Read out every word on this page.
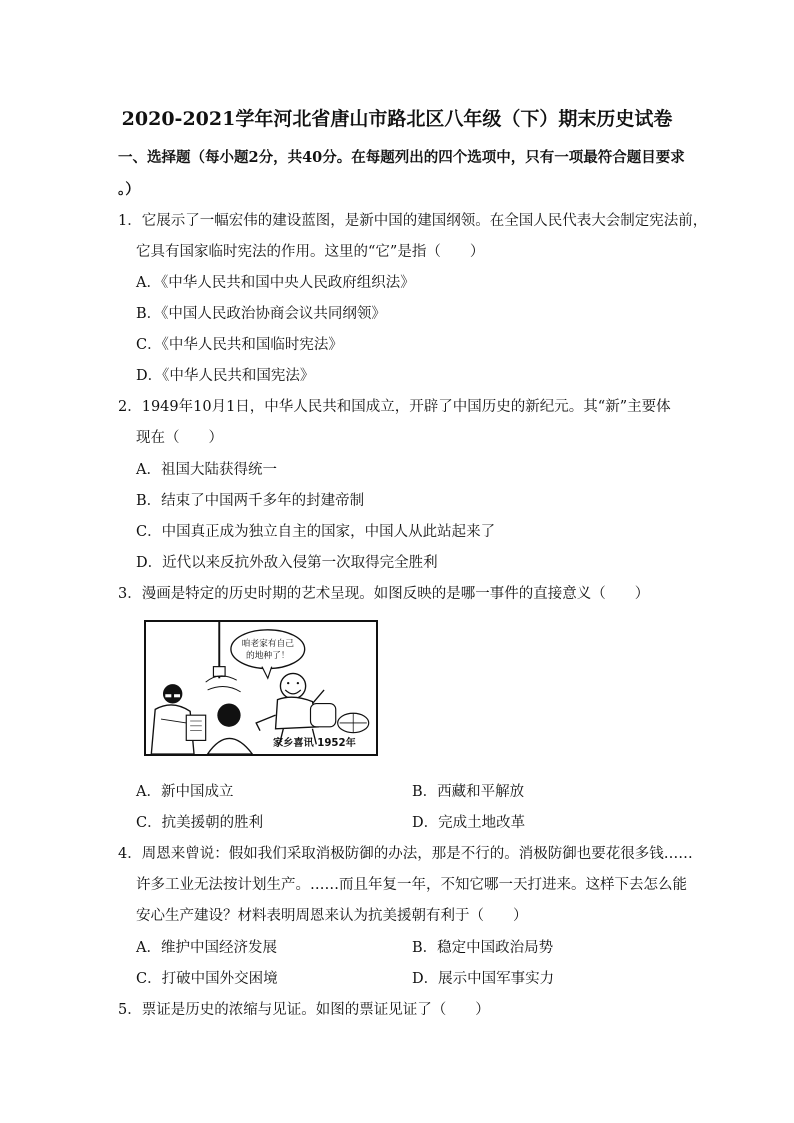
2020-2021学年河北省唐山市路北区八年级（下）期末历史试卷
一、选择题（每小题2分，共40分。在每题列出的四个选项中，只有一项最符合题目要求
。）
1．它展示了一幅宏伟的建设蓝图，是新中国的建国纲领。在全国人民代表大会制定宪法前，
它具有国家临时宪法的作用。这里的“它”是指（　　）
A．《中华人民共和国中央人民政府组织法》
B．《中国人民政治协商会议共同纲领》
C．《中华人民共和国临时宪法》
D．《中华人民共和国宪法》
2．1949年10月1日，中华人民共和国成立，开辟了中国历史的新纪元。其“新”主要体
现在（　　）
A．祖国大陆获得统一
B．结束了中国两千多年的封建帝制
C．中国真正成为独立自主的国家，中国人从此站起来了
D．近代以来反抗外敌入侵第一次取得完全胜利
3．漫画是特定的历史时期的艺术呈现。如图反映的是哪一事件的直接意义（　　）
咱老家有自己
的地种了！
家乡喜讯 1952年
A．新中国成立	B．西藏和平解放
C．抗美援朝的胜利	D．完成土地改革
4．周恩来曾说：假如我们采取消极防御的办法，那是不行的。消极防御也要花很多钱……
许多工业无法按计划生产。……而且年复一年，不知它哪一天打进来。这样下去怎么能
安心生产建设？材料表明周恩来认为抗美援朝有利于（　　）
A．维护中国经济发展	B．稳定中国政治局势
C．打破中国外交困境	D．展示中国军事实力
5．票证是历史的浓缩与见证。如图的票证见证了（　　）
